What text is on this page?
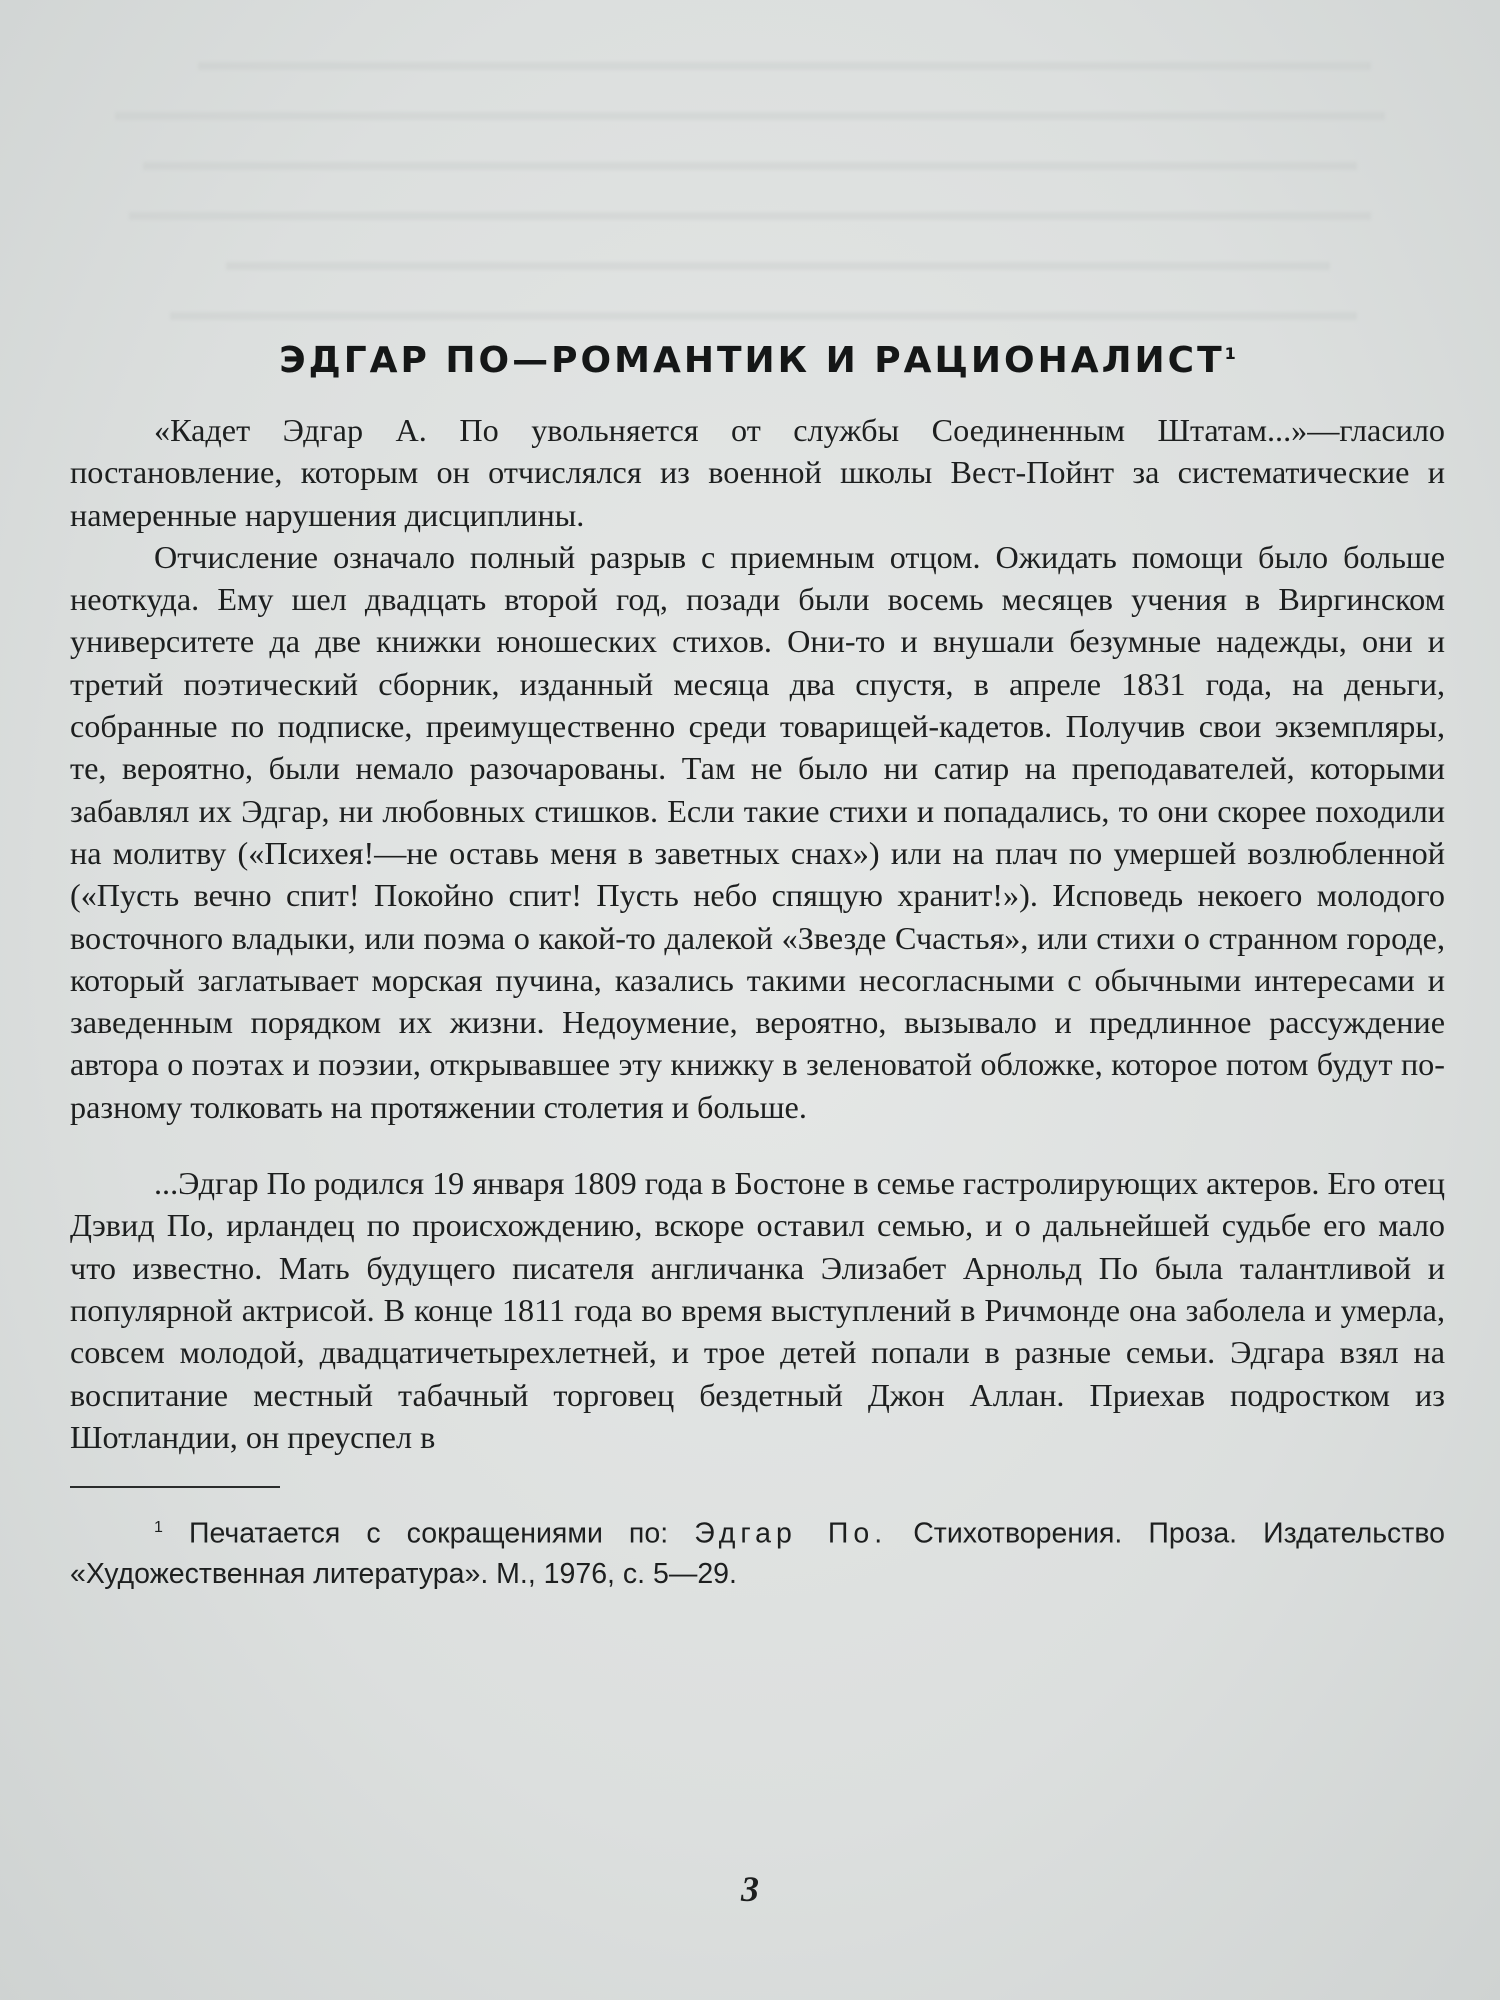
ЭДГАР ПО—РОМАНТИК И РАЦИОНАЛИСТ$^1$

«Кадет Эдгар А. По увольняется от службы Соединенным Штатам...»—гласило постановление, которым он отчислялся из военной школы Вест-Пойнт за систематические и намеренные нарушения дисциплины.

Отчисление означало полный разрыв с приемным отцом. Ожидать помощи было больше неоткуда. Ему шел двадцать второй год, позади были восемь месяцев учения в Виргинском университете да две книжки юношеских стихов. Они-то и внушали безумные надежды, они и третий поэтический сборник, изданный месяца два спустя, в апреле 1831 года, на деньги, собранные по подписке, преимущественно среди товарищей-кадетов. Получив свои экземпляры, те, вероятно, были немало разочарованы. Там не было ни сатир на преподавателей, которыми забавлял их Эдгар, ни любовных стишков. Если такие стихи и попадались, то они скорее походили на молитву («Психея!—не оставь меня в заветных снах») или на плач по умершей возлюбленной («Пусть вечно спит! Покойно спит! Пусть небо спящую хранит!»). Исповедь некоего молодого восточного владыки, или поэма о какой-то далекой «Звезде Счастья», или стихи о странном городе, который заглатывает морская пучина, казались такими несогласными с обычными интересами и заведенным порядком их жизни. Недоумение, вероятно, вызывало и предлинное рассуждение автора о поэтах и поэзии, открывавшее эту книжку в зеленоватой обложке, которое потом будут по-разному толковать на протяжении столетия и больше.

...Эдгар По родился 19 января 1809 года в Бостоне в семье гастролирующих актеров. Его отец Дэвид По, ирландец по происхождению, вскоре оставил семью, и о дальнейшей судьбе его мало что известно. Мать будущего писателя англичанка Элизабет Арнольд По была талантливой и популярной актрисой. В конце 1811 года во время выступлений в Ричмонде она заболела и умерла, совсем молодой, двадцатичетырехлетней, и трое детей попали в разные семьи. Эдгара взял на воспитание местный табачный торговец бездетный Джон Аллан. Приехав подростком из Шотландии, он преуспел в

$^1$ Печатается с сокращениями по: Эдгар По. Стихотворения. Проза. Издательство «Художественная литература». М., 1976, с. 5—29.

3
